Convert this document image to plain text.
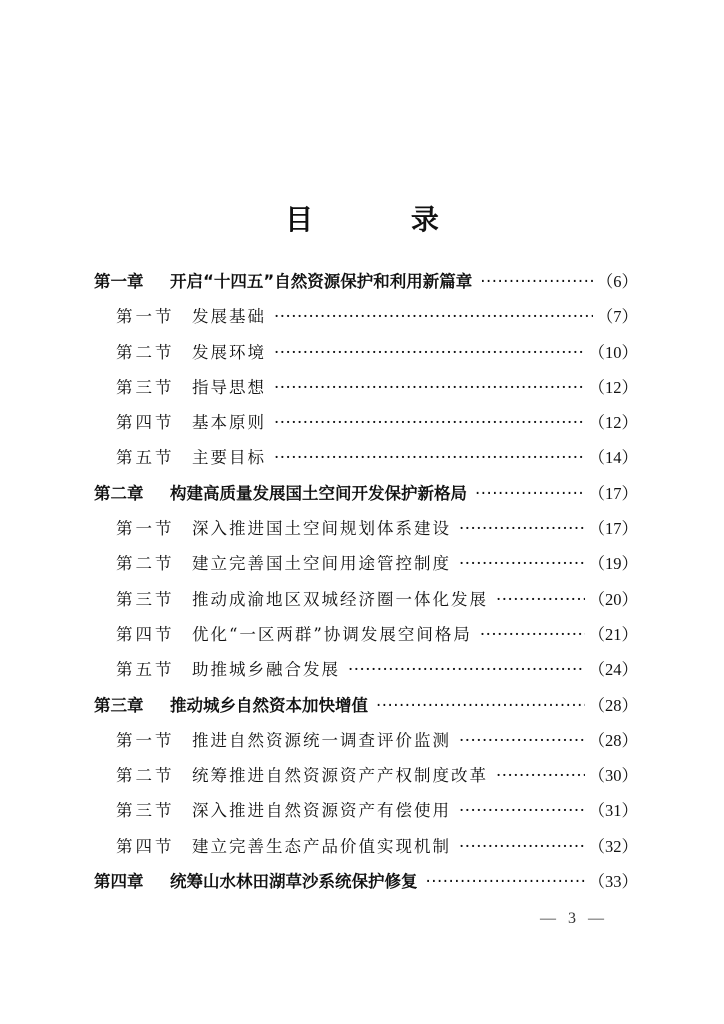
目 录
第一章	开启“十四五”自然资源保护和利用新篇章 ·····	（6）
第一节	发展基础 ·····	（7）
第二节	发展环境 ·····	（10）
第三节	指导思想 ·····	（12）
第四节	基本原则 ·····	（12）
第五节	主要目标 ·····	（14）
第二章	构建高质量发展国土空间开发保护新格局 ·····	（17）
第一节	深入推进国土空间规划体系建设 ·····	（17）
第二节	建立完善国土空间用途管控制度 ·····	（19）
第三节	推动成渝地区双城经济圈一体化发展 ·····	（20）
第四节	优化“一区两群”协调发展空间格局 ·····	（21）
第五节	助推城乡融合发展 ·····	（24）
第三章	推动城乡自然资本加快增值 ·····	（28）
第一节	推进自然资源统一调查评价监测 ·····	（28）
第二节	统筹推进自然资源资产产权制度改革 ·····	（30）
第三节	深入推进自然资源资产有偿使用 ·····	（31）
第四节	建立完善生态产品价值实现机制 ·····	（32）
第四章	统筹山水林田湖草沙系统保护修复 ·····	（33）
— 3 —
